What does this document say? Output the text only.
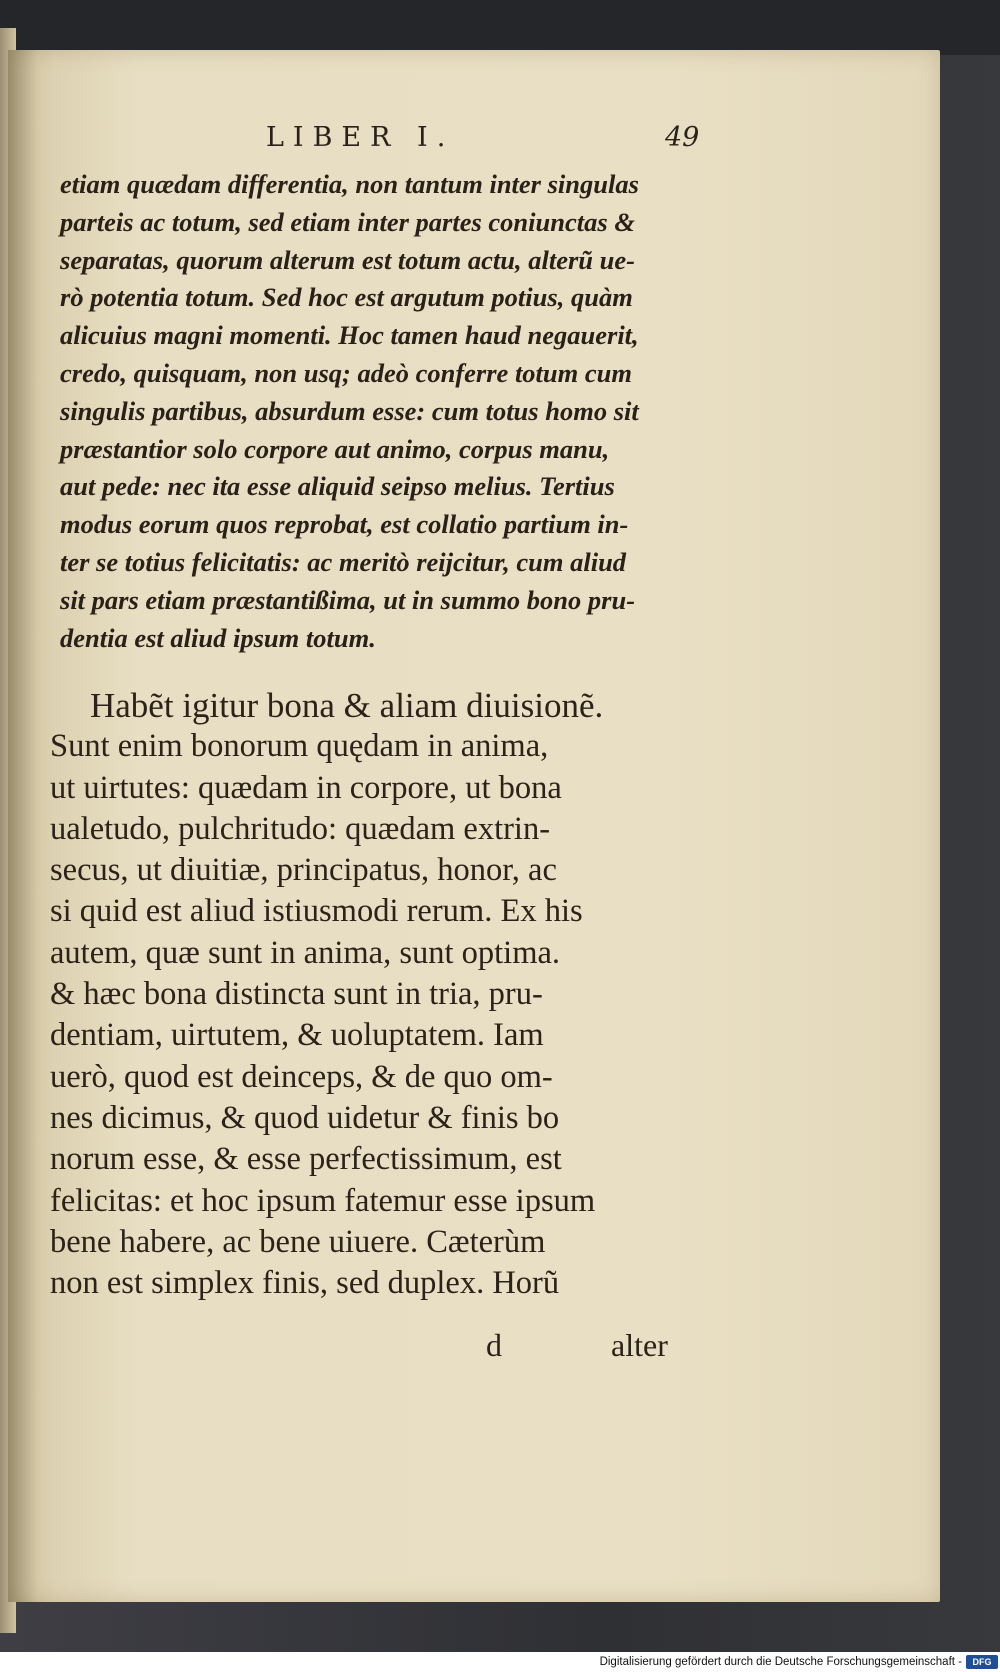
LIBER I.	49
etiam quædam differentia, non tantum inter singulas
parteis ac totum, sed etiam inter partes coniunctas &
separatas, quorum alterum est totum actu, alterũ ue-
rò potentia totum. Sed hoc est argutum potius, quàm
alicuius magni momenti. Hoc tamen haud negauerit,
credo, quisquam, non usq; adeò conferre totum cum
singulis partibus, absurdum esse: cum totus homo sit
præstantior solo corpore aut animo, corpus manu,
aut pede: nec ita esse aliquid seipso melius. Tertius
modus eorum quos reprobat, est collatio partium in-
ter se totius felicitatis: ac meritò reijcitur, cum aliud
sit pars etiam præstantißima, ut in summo bono pru-
dentia est aliud ipsum totum.
Habẽt igitur bona & aliam diuisionẽ.
Sunt enim bonorum quędam in anima,
ut uirtutes: quædam in corpore, ut bona
ualetudo, pulchritudo: quædam extrin-
secus, ut diuitiæ, principatus, honor, ac
si quid est aliud istiusmodi rerum. Ex his
autem, quæ sunt in anima, sunt optima.
& hæc bona distincta sunt in tria, pru-
dentiam, uirtutem, & uoluptatem. Iam
uerò, quod est deinceps, & de quo om-
nes dicimus, & quod uidetur & finis bo
norum esse, & esse perfectissimum, est
felicitas: et hoc ipsum fatemur esse ipsum
bene habere, ac bene uiuere. Cæterùm
non est simplex finis, sed duplex. Horũ
d	alter
Digitalisierung gefördert durch die Deutsche Forschungsgemeinschaft -	DFG
